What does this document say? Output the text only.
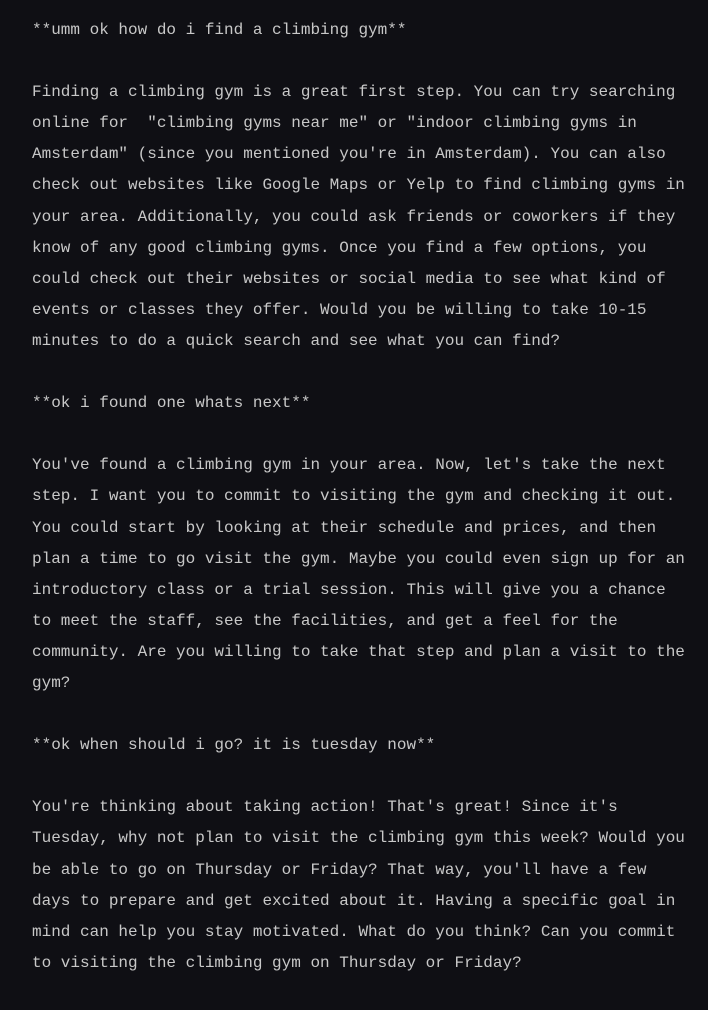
**umm ok how do i find a climbing gym**

Finding a climbing gym is a great first step. You can try searching online for  "climbing gyms near me" or "indoor climbing gyms in Amsterdam" (since you mentioned you're in Amsterdam). You can also check out websites like Google Maps or Yelp to find climbing gyms in your area. Additionally, you could ask friends or coworkers if they know of any good climbing gyms. Once you find a few options, you could check out their websites or social media to see what kind of events or classes they offer. Would you be willing to take 10-15 minutes to do a quick search and see what you can find?

**ok i found one whats next**

You've found a climbing gym in your area. Now, let's take the next step. I want you to commit to visiting the gym and checking it out. You could start by looking at their schedule and prices, and then plan a time to go visit the gym. Maybe you could even sign up for an introductory class or a trial session. This will give you a chance to meet the staff, see the facilities, and get a feel for the community. Are you willing to take that step and plan a visit to the gym?

**ok when should i go? it is tuesday now**

You're thinking about taking action! That's great! Since it's Tuesday, why not plan to visit the climbing gym this week? Would you be able to go on Thursday or Friday? That way, you'll have a few days to prepare and get excited about it. Having a specific goal in mind can help you stay motivated. What do you think? Can you commit to visiting the climbing gym on Thursday or Friday?
